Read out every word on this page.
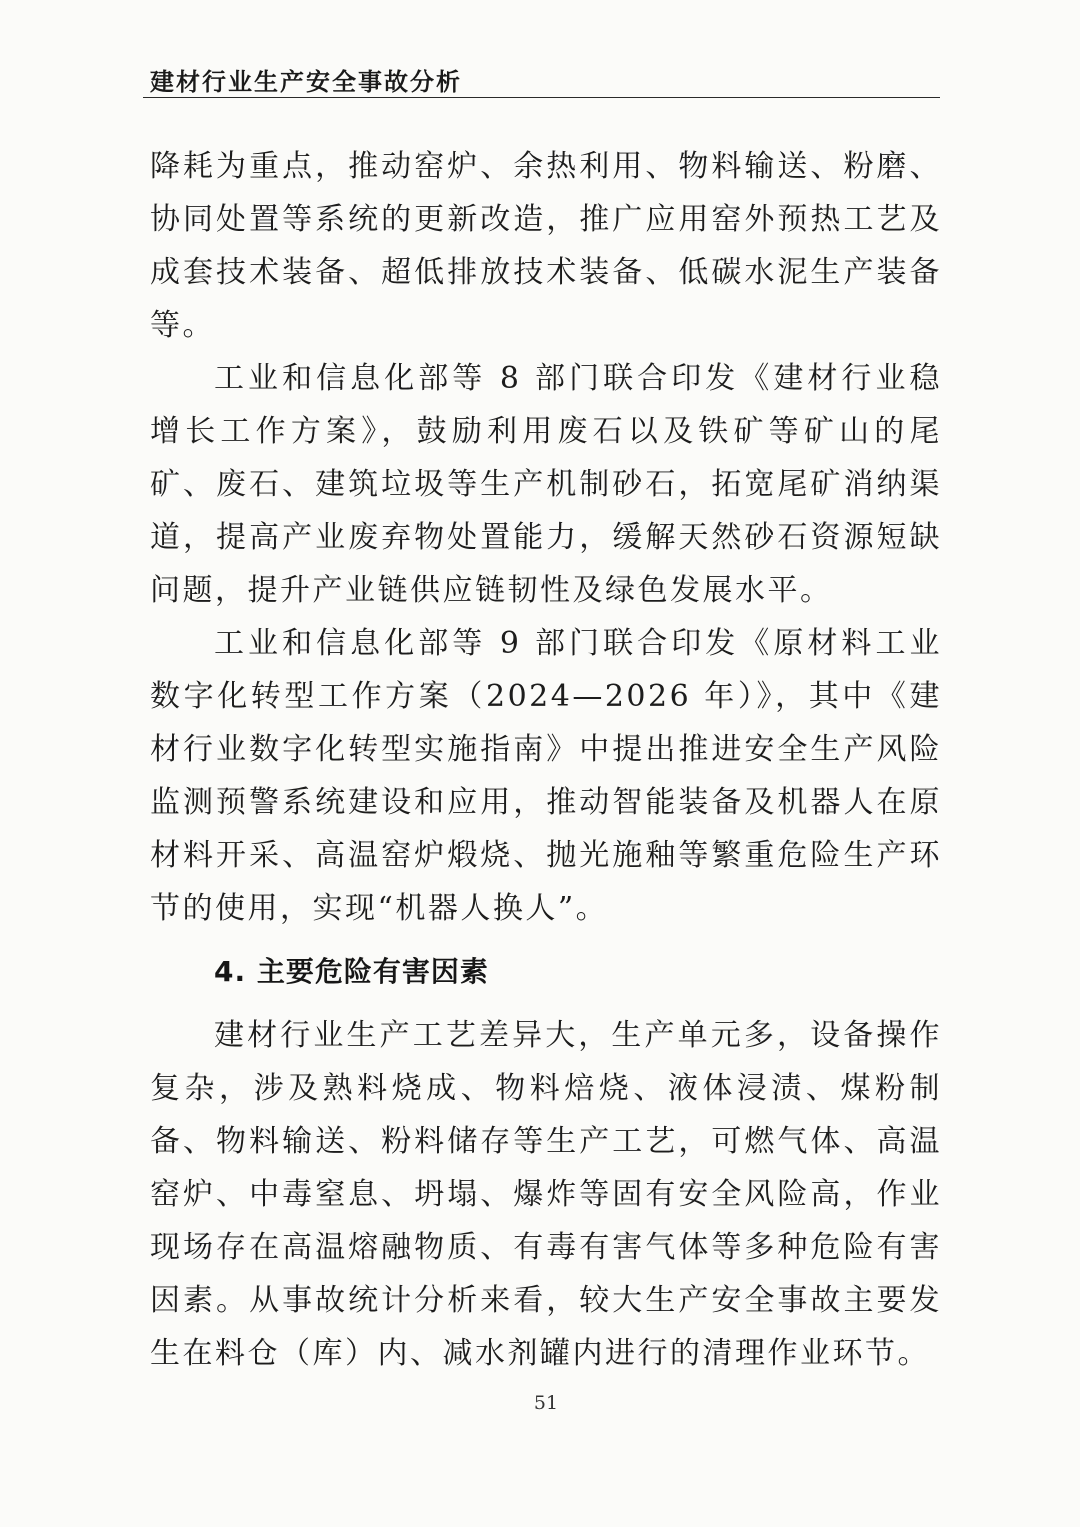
建材行业生产安全事故分析

降耗为重点，推动窑炉、余热利用、物料输送、粉磨、协同处置等系统的更新改造，推广应用窑外预热工艺及成套技术装备、超低排放技术装备、低碳水泥生产装备等。

工业和信息化部等 8 部门联合印发《建材行业稳增长工作方案》，鼓励利用废石以及铁矿等矿山的尾矿、废石、建筑垃圾等生产机制砂石，拓宽尾矿消纳渠道，提高产业废弃物处置能力，缓解天然砂石资源短缺问题，提升产业链供应链韧性及绿色发展水平。

工业和信息化部等 9 部门联合印发《原材料工业数字化转型工作方案（2024—2026 年）》，其中《建材行业数字化转型实施指南》中提出推进安全生产风险监测预警系统建设和应用，推动智能装备及机器人在原材料开采、高温窑炉煅烧、抛光施釉等繁重危险生产环节的使用，实现“机器人换人”。

4. 主要危险有害因素

建材行业生产工艺差异大，生产单元多，设备操作复杂，涉及熟料烧成、物料焙烧、液体浸渍、煤粉制备、物料输送、粉料储存等生产工艺，可燃气体、高温窑炉、中毒窒息、坍塌、爆炸等固有安全风险高，作业现场存在高温熔融物质、有毒有害气体等多种危险有害因素。从事故统计分析来看，较大生产安全事故主要发生在料仓（库）内、减水剂罐内进行的清理作业环节。

51
